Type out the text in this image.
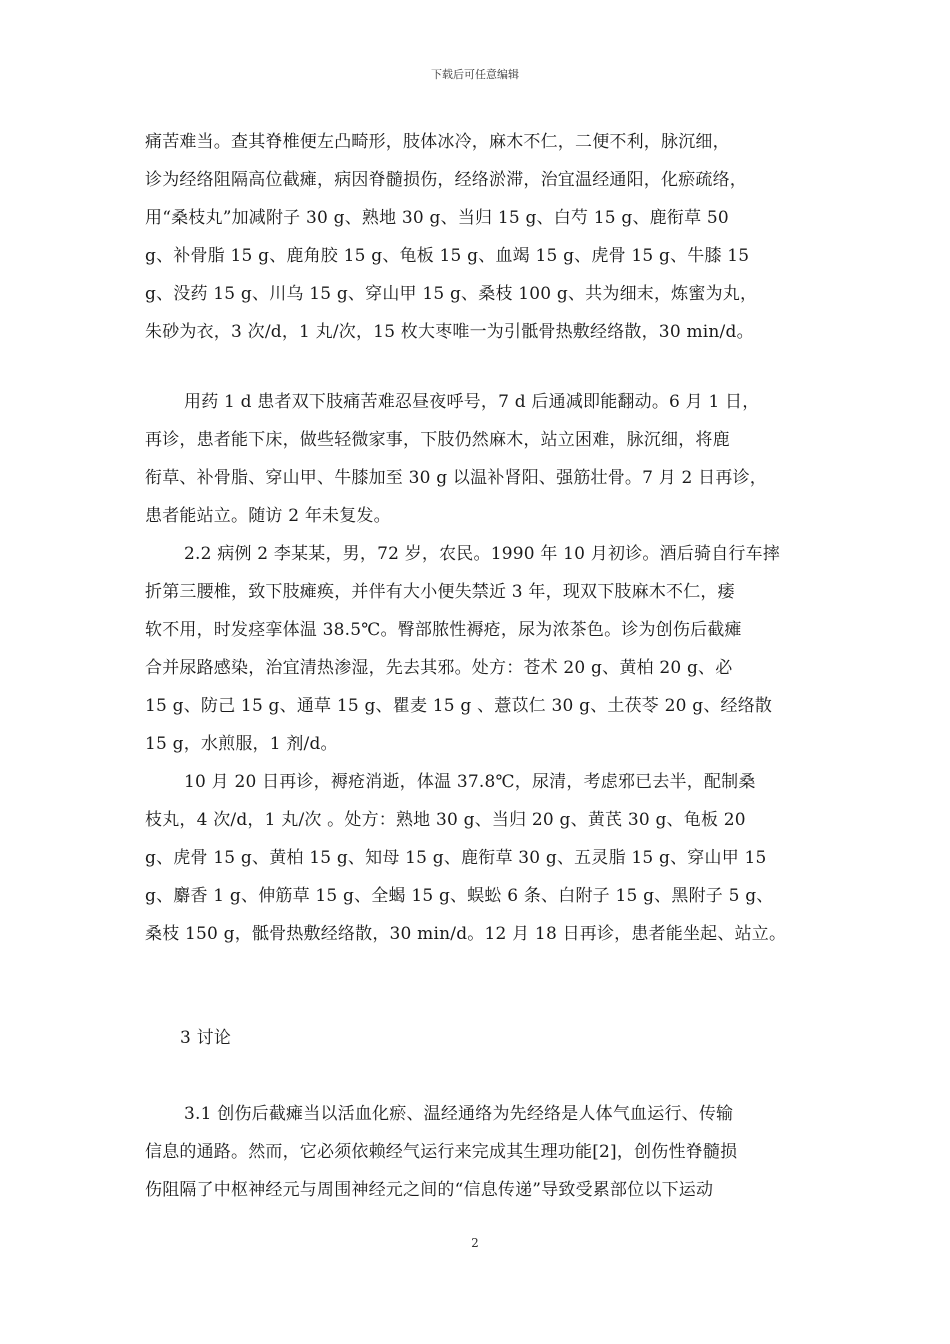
下载后可任意编辑
痛苦难当。查其脊椎便左凸畸形，肢体冰冷，麻木不仁，二便不利，脉沉细，
诊为经络阻隔高位截瘫，病因脊髓损伤，经络淤滞，治宜温经通阳，化瘀疏络，
用“桑枝丸”加减附子 30 g、熟地 30 g、当归 15 g、白芍 15 g、鹿衔草 50
g、补骨脂 15 g、鹿角胶 15 g、龟板 15 g、血竭 15 g、虎骨 15 g、牛膝 15
g、没药 15 g、川乌 15 g、穿山甲 15 g、桑枝 100 g、共为细末，炼蜜为丸，
朱砂为衣，3 次/d，1 丸/次，15 枚大枣唯一为引骶骨热敷经络散，30 min/d。
用药 1 d 患者双下肢痛苦难忍昼夜呼号，7 d 后通减即能翻动。6 月 1 日，
再诊，患者能下床，做些轻微家事，下肢仍然麻木，站立困难，脉沉细，将鹿
衔草、补骨脂、穿山甲、牛膝加至 30 g 以温补肾阳、强筋壮骨。7 月 2 日再诊，
患者能站立。随访 2 年未复发。
2.2 病例 2 李某某，男，72 岁，农民。1990 年 10 月初诊。酒后骑自行车摔
折第三腰椎，致下肢瘫痪，并伴有大小便失禁近 3 年，现双下肢麻木不仁，痿
软不用，时发痉挛体温 38.5℃。臀部脓性褥疮，尿为浓茶色。诊为创伤后截瘫
合并尿路感染，治宜清热渗湿，先去其邪。处方：苍术 20 g、黄柏 20 g、必
15 g、防己 15 g、通草 15 g、瞿麦 15 g 、薏苡仁 30 g、土茯苓 20 g、经络散
15 g，水煎服，1 剂/d。
10 月 20 日再诊，褥疮消逝，体温 37.8℃，尿清，考虑邪已去半，配制桑
枝丸，4 次/d，1 丸/次 。处方：熟地 30 g、当归 20 g、黄芪 30 g、龟板 20
g、虎骨 15 g、黄柏 15 g、知母 15 g、鹿衔草 30 g、五灵脂 15 g、穿山甲 15
g、麝香 1 g、伸筋草 15 g、全蝎 15 g、蜈蚣 6 条、白附子 15 g、黑附子 5 g、
桑枝 150 g，骶骨热敷经络散，30 min/d。12 月 18 日再诊，患者能坐起、站立。
3 讨论
3.1 创伤后截瘫当以活血化瘀、温经通络为先经络是人体气血运行、传输
信息的通路。然而，它必须依赖经气运行来完成其生理功能[2]，创伤性脊髓损
伤阻隔了中枢神经元与周围神经元之间的“信息传递”导致受累部位以下运动
2
